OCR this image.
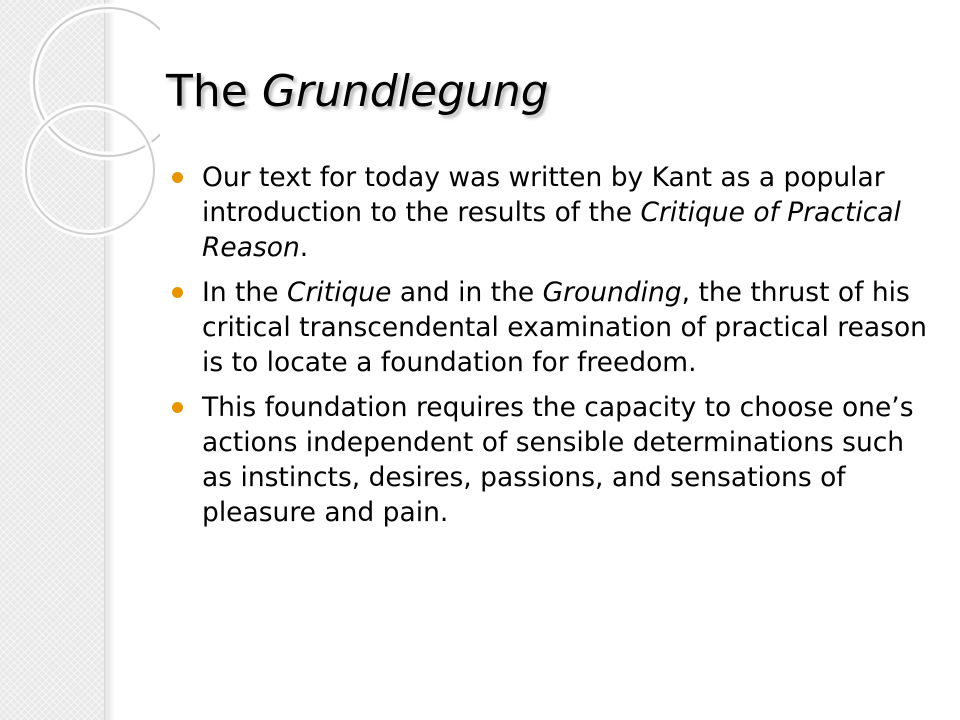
The Grundlegung
Our text for today was written by Kant as a popular introduction to the results of the Critique of Practical Reason.
In the Critique and in the Grounding, the thrust of his critical transcendental examination of practical reason is to locate a foundation for freedom.
This foundation requires the capacity to choose one’s actions independent of sensible determinations such as instincts, desires, passions, and sensations of pleasure and pain.
